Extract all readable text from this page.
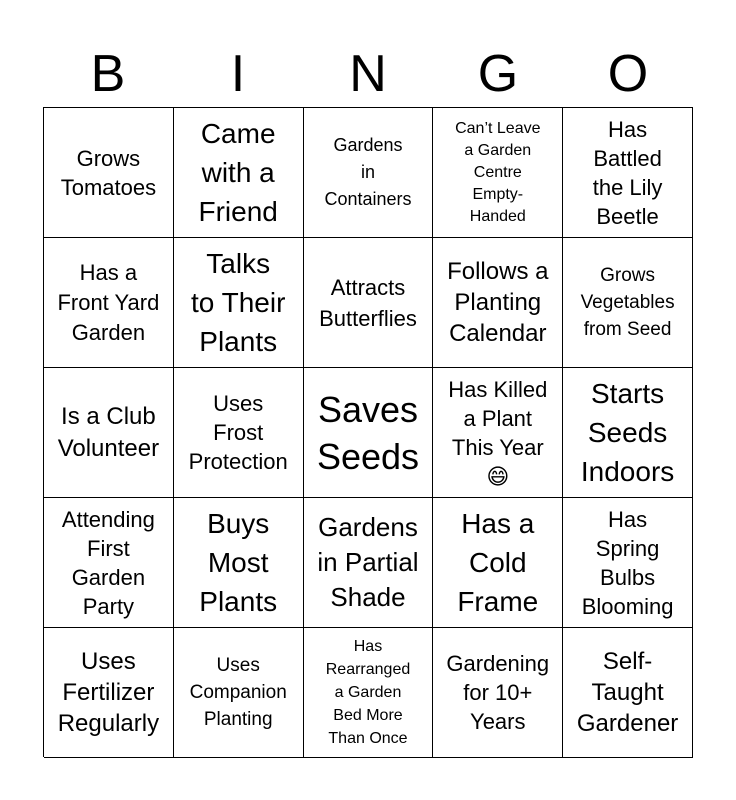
B	I	N	G	O
Grows
Tomatoes
Came
with a
Friend
Gardens
in
Containers
Can’t Leave
a Garden
Centre
Empty-
Handed
Has
Battled
the Lily
Beetle
Has a
Front Yard
Garden
Talks
to Their
Plants
Attracts
Butterflies
Follows a
Planting
Calendar
Grows
Vegetables
from Seed
Is a Club
Volunteer
Uses
Frost
Protection
Saves
Seeds
Has Killed
a Plant
This Year
😄
Starts
Seeds
Indoors
Attending
First
Garden
Party
Buys
Most
Plants
Gardens
in Partial
Shade
Has a
Cold
Frame
Has
Spring
Bulbs
Blooming
Uses
Fertilizer
Regularly
Uses
Companion
Planting
Has
Rearranged
a Garden
Bed More
Than Once
Gardening
for 10+
Years
Self-
Taught
Gardener
